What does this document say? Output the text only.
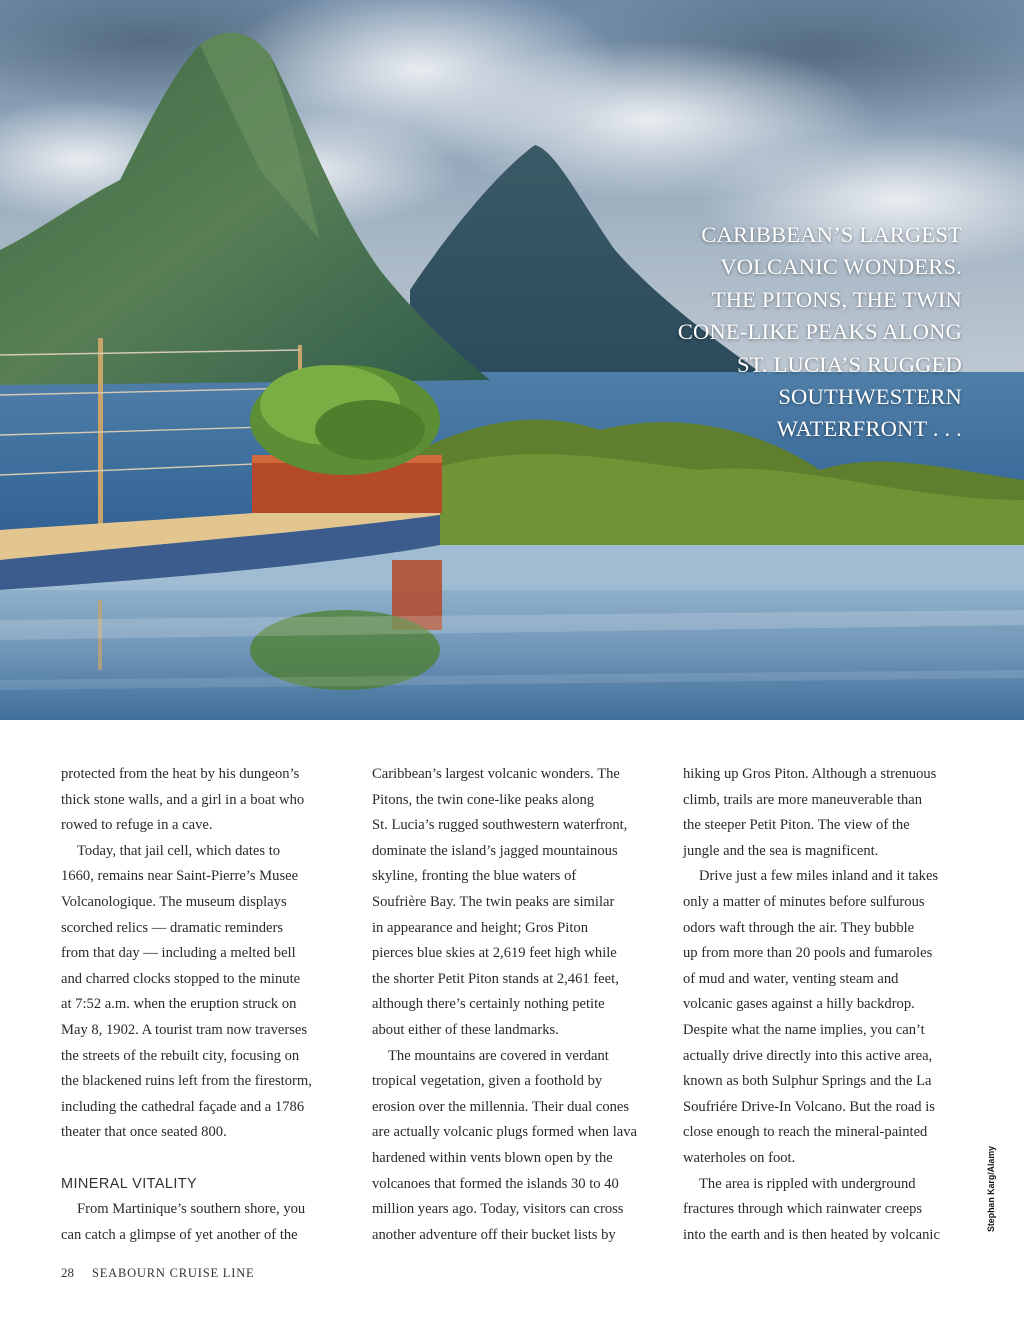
CARIBBEAN’S LARGEST
VOLCANIC WONDERS.
THE PITONS, THE TWIN
CONE-LIKE PEAKS ALONG
ST. LUCIA’S RUGGED
SOUTHWESTERN
WATERFRONT . . .

protected from the heat by his dungeon’s

thick stone walls, and a girl in a boat who

rowed to refuge in a cave.

Today, that jail cell, which dates to

1660, remains near Saint-Pierre’s Musee

Volcanologique. The museum displays

scorched relics — dramatic reminders

from that day — including a melted bell

and charred clocks stopped to the minute

at 7:52 a.m. when the eruption struck on

May 8, 1902. A tourist tram now traverses

the streets of the rebuilt city, focusing on

the blackened ruins left from the firestorm,

including the cathedral façade and a 1786

theater that once seated 800.

MINERAL VITALITY

From Martinique’s southern shore, you

can catch a glimpse of yet another of the

Caribbean’s largest volcanic wonders. The

Pitons, the twin cone-like peaks along

St. Lucia’s rugged southwestern waterfront,

dominate the island’s jagged mountainous

skyline, fronting the blue waters of

Soufrière Bay. The twin peaks are similar

in appearance and height; Gros Piton

pierces blue skies at 2,619 feet high while

the shorter Petit Piton stands at 2,461 feet,

although there’s certainly nothing petite

about either of these landmarks.

The mountains are covered in verdant

tropical vegetation, given a foothold by

erosion over the millennia. Their dual cones

are actually volcanic plugs formed when lava

hardened within vents blown open by the

volcanoes that formed the islands 30 to 40

million years ago. Today, visitors can cross

another adventure off their bucket lists by

hiking up Gros Piton. Although a strenuous

climb, trails are more maneuverable than

the steeper Petit Piton. The view of the

jungle and the sea is magnificent.

Drive just a few miles inland and it takes

only a matter of minutes before sulfurous

odors waft through the air. They bubble

up from more than 20 pools and fumaroles

of mud and water, venting steam and

volcanic gases against a hilly backdrop.

Despite what the name implies, you can’t

actually drive directly into this active area,

known as both Sulphur Springs and the La

Soufriére Drive-In Volcano. But the road is

close enough to reach the mineral-painted

waterholes on foot.

The area is rippled with underground

fractures through which rainwater creeps

into the earth and is then heated by volcanic

Stephan Karg/Alamy
28 SEABOURN CRUISE LINE
